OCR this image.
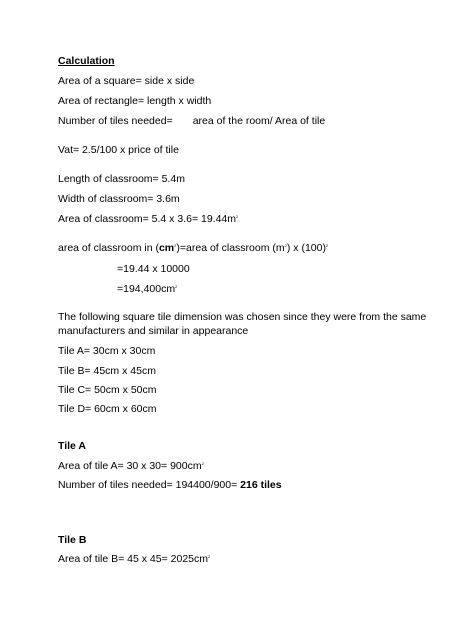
Calculation
Area of a square= side x side
Area of rectangle= length x width
Number of tiles needed= area of the room/ Area of tile
Vat= 2.5/100 x price of tile
Length of classroom= 5.4m
Width of classroom= 3.6m
Area of classroom= 5.4 x $3.6= 19.44m^2$
area of classroom in $(cm^2)=area$ of classroom $(m^2)$ x $(100)^2$
=19.44 x 10000
$=194,400cm^2$
The following square tile dimension was chosen since they were from the same manufacturers and similar in appearance
Tile A= 30cm x 30cm
Tile B= 45cm x 45cm
Tile C= 50cm x 50cm
Tile D= 60cm x 60cm
Tile A
Area of tile A= 30 x $30= 900cm^2$
Number of tiles needed= 194400/900= 216 tiles
Tile B
Area of tile B= 45 x $45= 2025cm^2$
